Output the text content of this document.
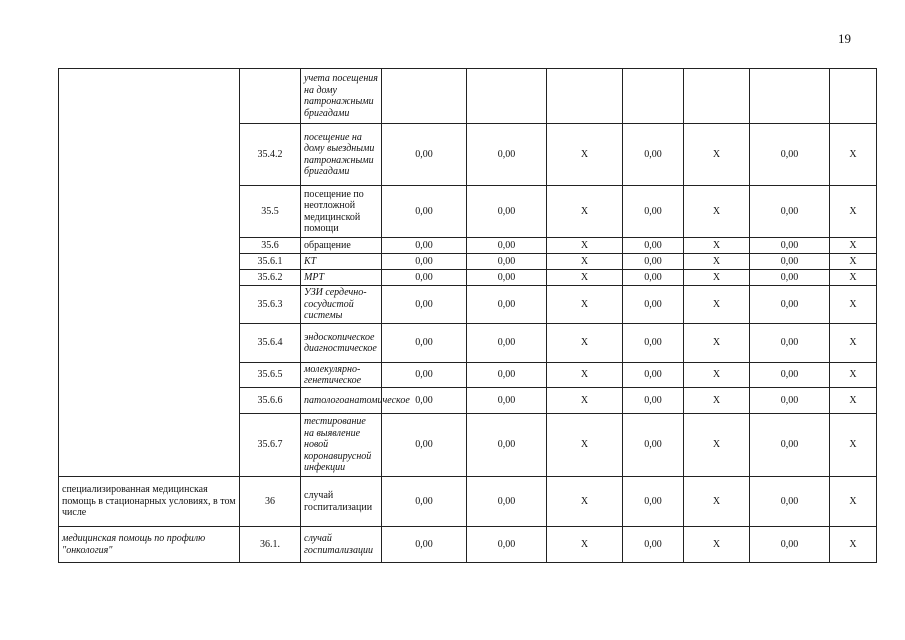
19
		учета посещения на дому патронажными бригадами							
	35.4.2	посещение на дому выездными патронажными бригадами	0,00	0,00	X	0,00	X	0,00	X
	35.5	посещение по неотложной медицинской помощи	0,00	0,00	X	0,00	X	0,00	X
	35.6	обращение	0,00	0,00	X	0,00	X	0,00	X
	35.6.1	КТ	0,00	0,00	X	0,00	X	0,00	X
	35.6.2	МРТ	0,00	0,00	X	0,00	X	0,00	X
	35.6.3	УЗИ сердечно-сосудистой системы	0,00	0,00	X	0,00	X	0,00	X
	35.6.4	эндоскопическое диагностическое	0,00	0,00	X	0,00	X	0,00	X
	35.6.5	молекулярно-генетическое	0,00	0,00	X	0,00	X	0,00	X
	35.6.6	патологоанатомическое	0,00	0,00	X	0,00	X	0,00	X
	35.6.7	тестирование на выявление новой коронавирусной инфекции	0,00	0,00	X	0,00	X	0,00	X
специализированная медицинская помощь в стационарных условиях, в том числе	36	случай госпитализации	0,00	0,00	X	0,00	X	0,00	X
медицинская помощь по профилю "онкология"	36.1.	случай госпитализации	0,00	0,00	X	0,00	X	0,00	X
